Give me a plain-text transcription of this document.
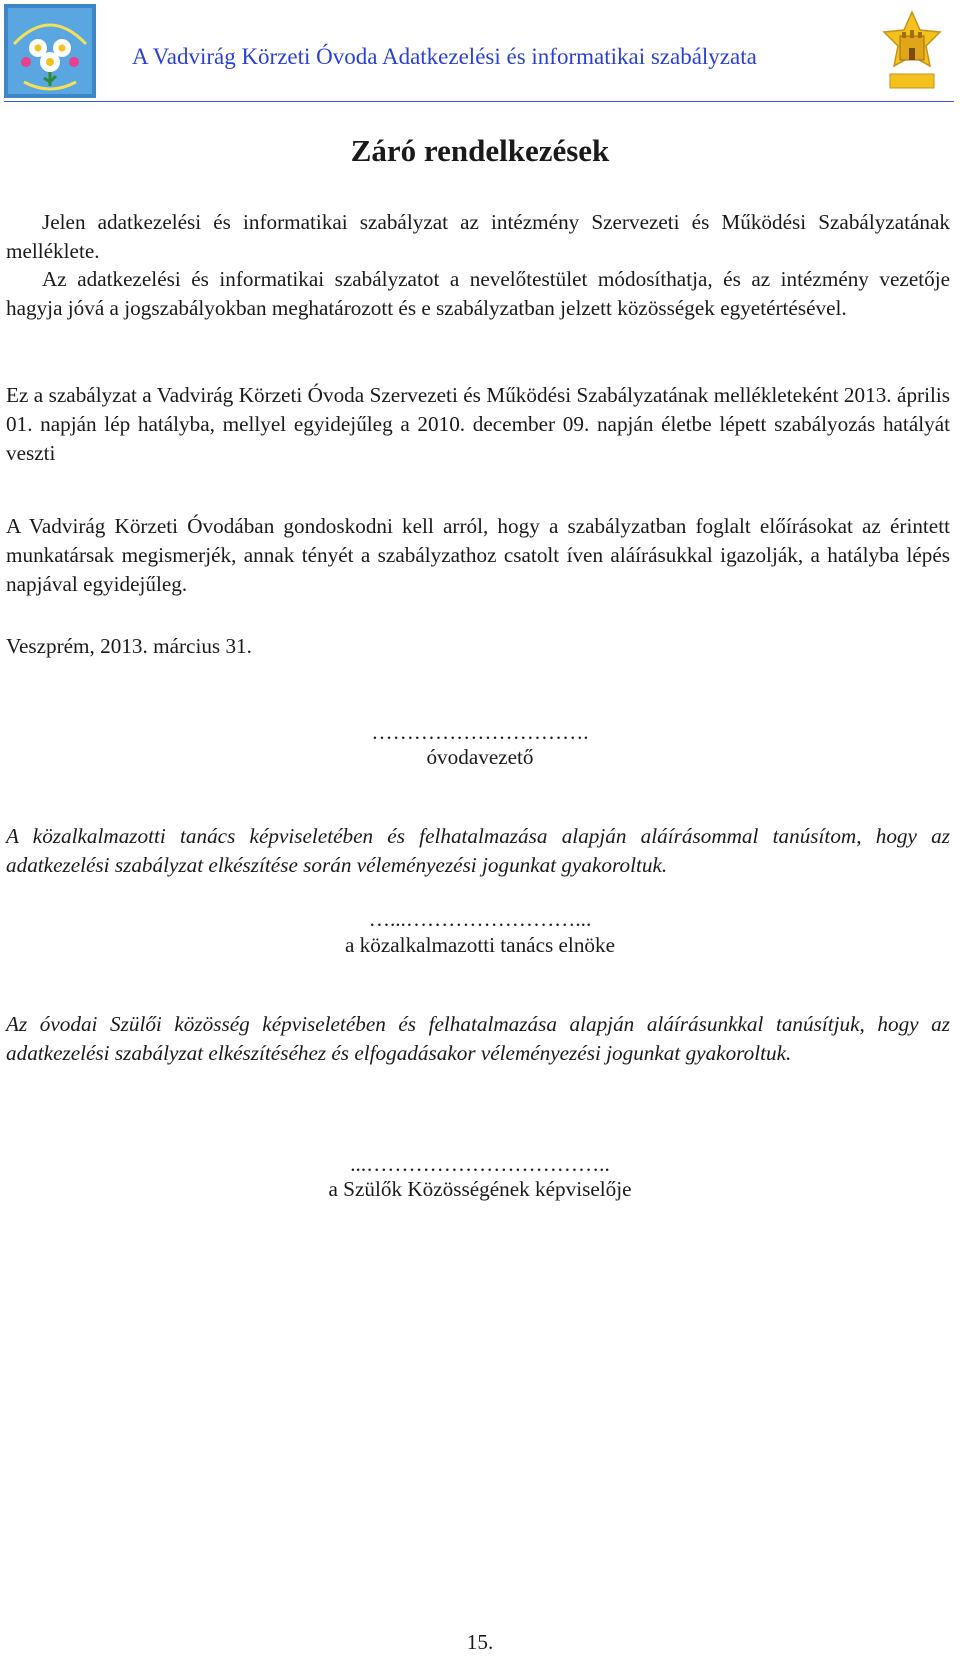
A Vadvirág Körzeti Óvoda Adatkezelési és informatikai szabályzata
Záró rendelkezések
Jelen adatkezelési és informatikai szabályzat az intézmény Szervezeti és Működési Szabályzatának melléklete.
Az adatkezelési és informatikai szabályzatot a nevelőtestület módosíthatja, és az intézmény vezetője hagyja jóvá a jogszabályokban meghatározott és e szabályzatban jelzett közösségek egyetértésével.
Ez a szabályzat a Vadvirág Körzeti Óvoda Szervezeti és Működési Szabályzatának mellékleteként 2013. április 01. napján lép hatályba, mellyel egyidejűleg a 2010. december 09. napján életbe lépett szabályozás hatályát veszti
A Vadvirág Körzeti Óvodában gondoskodni kell arról, hogy a szabályzatban foglalt előírásokat az érintett munkatársak megismerjék, annak tényét a szabályzathoz csatolt íven aláírásukkal igazolják, a hatályba lépés napjával egyidejűleg.
Veszprém, 2013. március 31.
………………………….
óvodavezető
A közalkalmazotti tanács képviseletében és felhatalmazása alapján aláírásommal tanúsítom, hogy az adatkezelési szabályzat elkészítése során véleményezési jogunkat gyakoroltuk.
…...……………………...
a közalkalmazotti tanács elnöke
Az óvodai Szülői közösség képviseletében és felhatalmazása alapján aláírásunkkal tanúsítjuk, hogy az adatkezelési szabályzat elkészítéséhez és elfogadásakor véleményezési jogunkat gyakoroltuk.
...……………………………..
a Szülők Közösségének képviselője
15.
